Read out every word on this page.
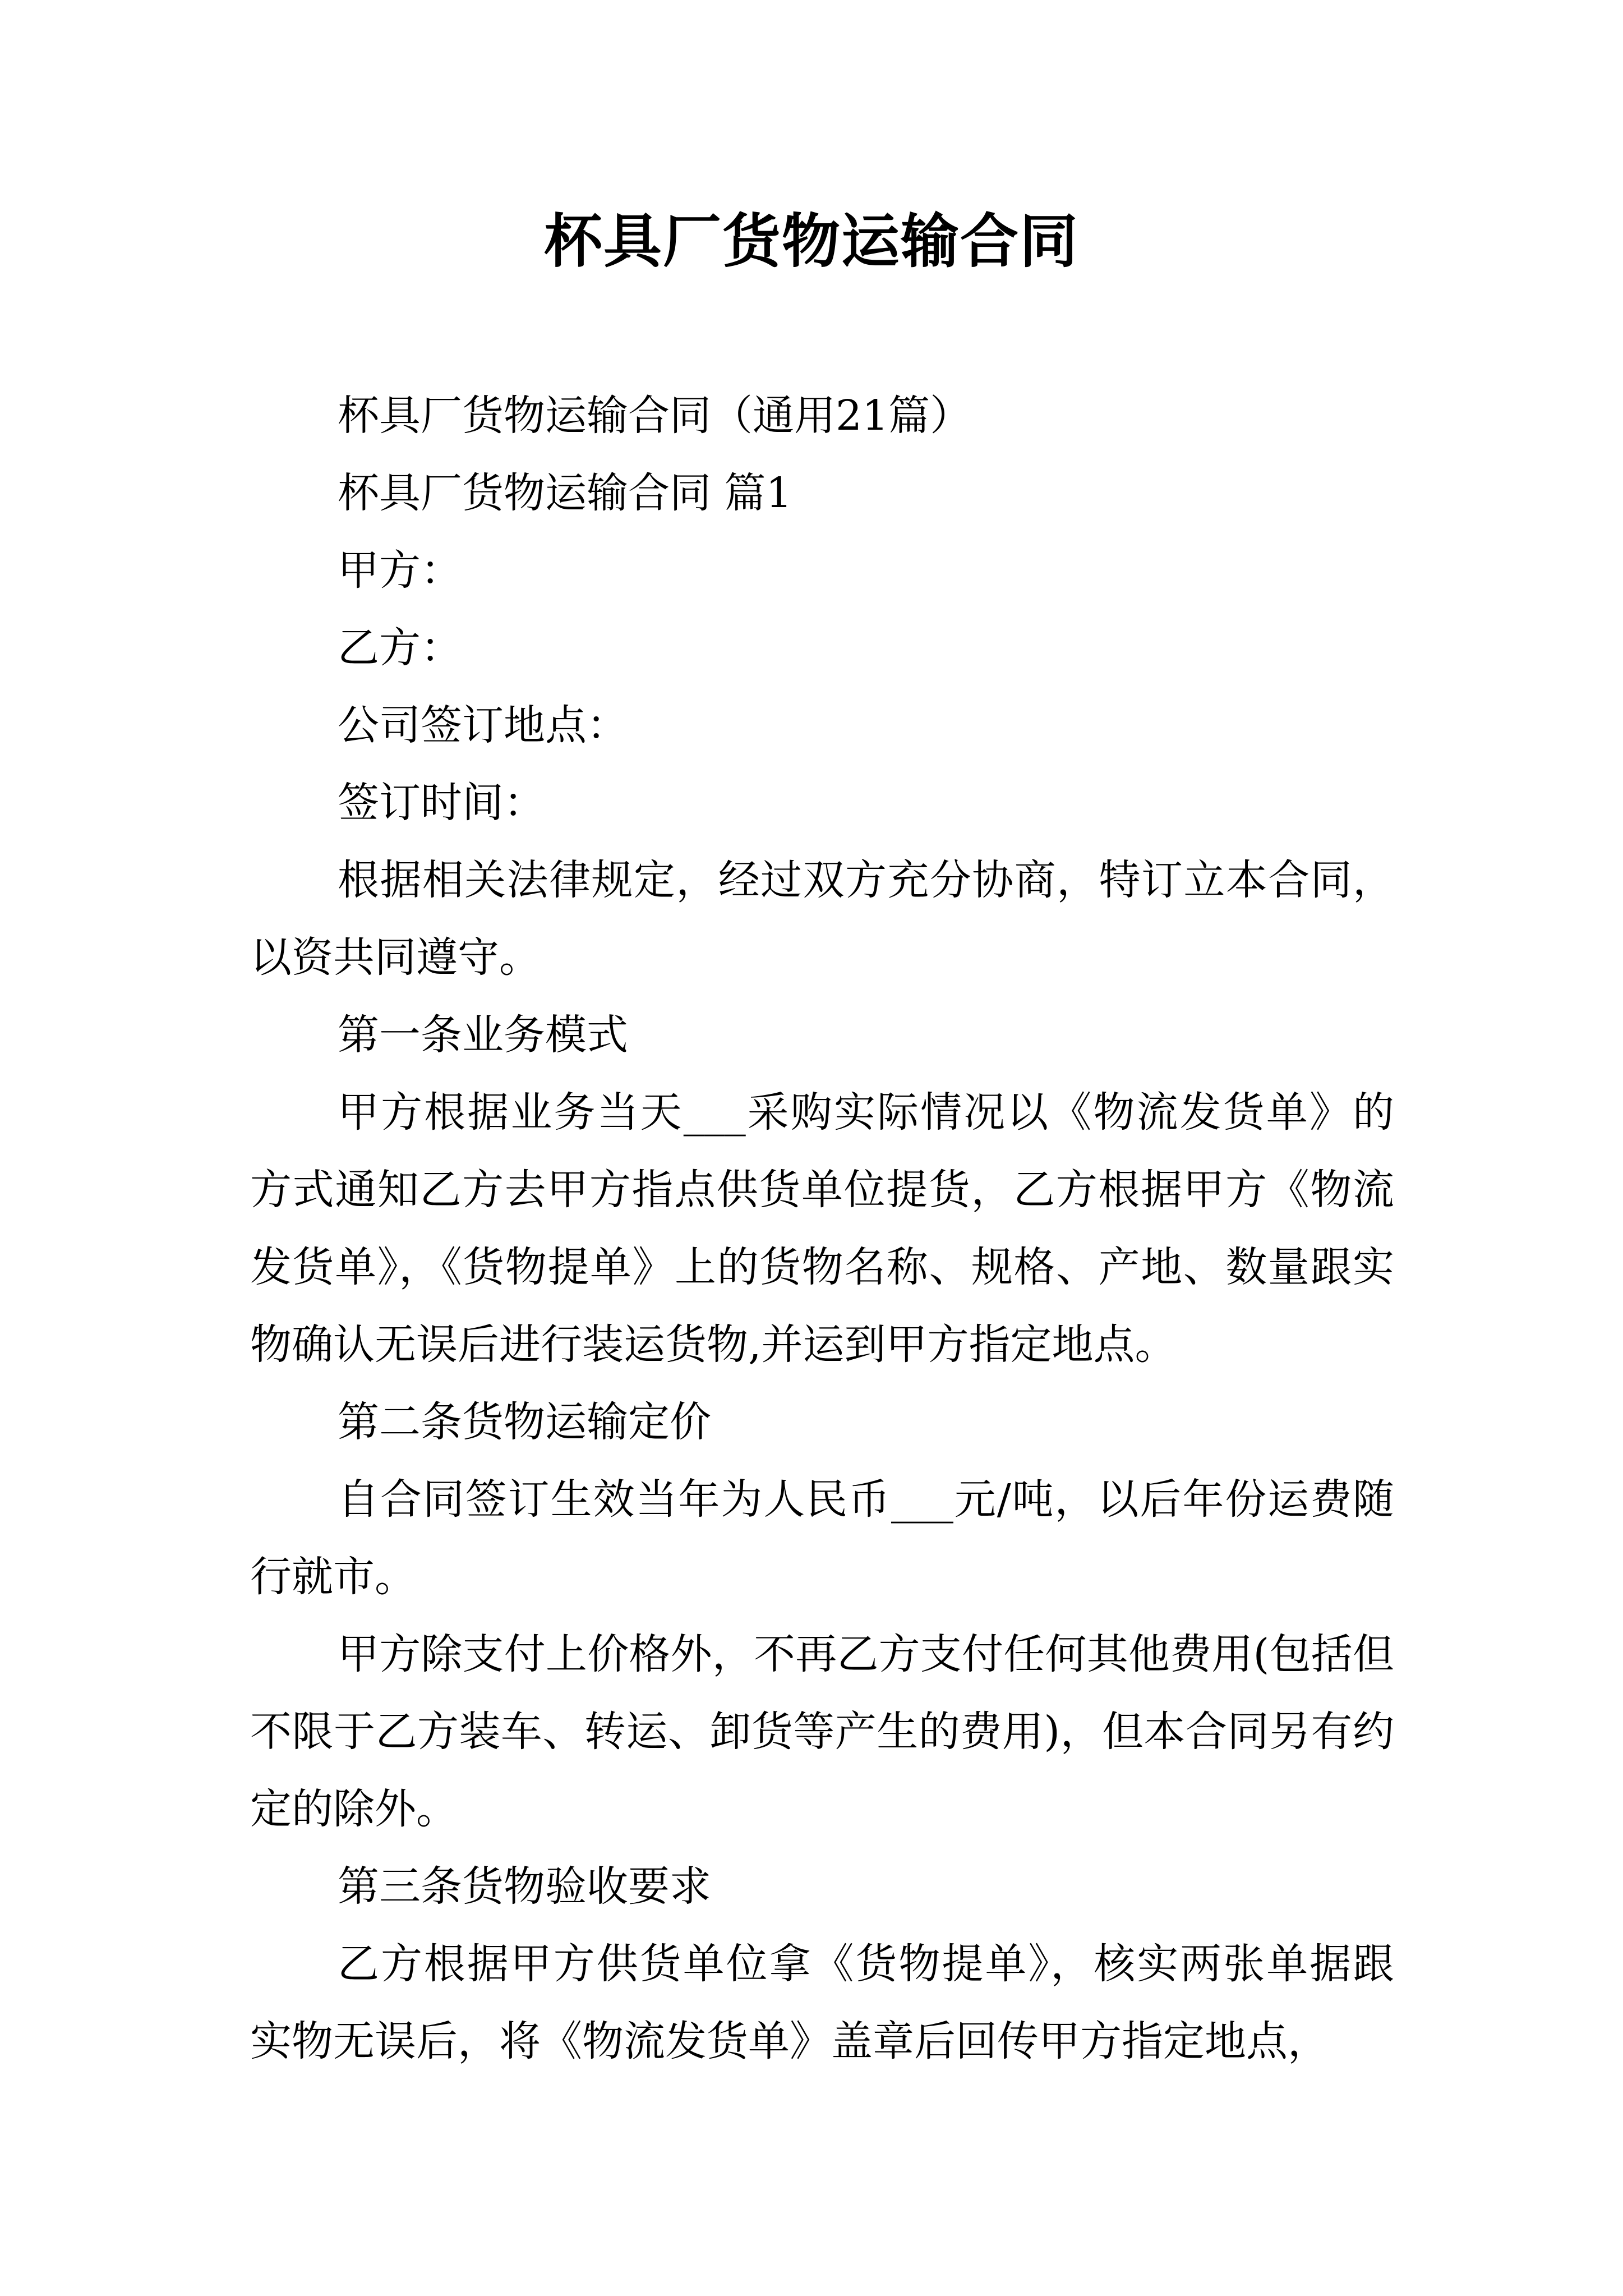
杯具厂货物运输合同

杯具厂货物运输合同（通用21篇）

杯具厂货物运输合同 篇1

甲方：

乙方：

公司签订地点：

签订时间：

根据相关法律规定，经过双方充分协商，特订立本合同，以资共同遵守。

第一条业务模式

甲方根据业务当天___采购实际情况以《物流发货单》的方式通知乙方去甲方指点供货单位提货，乙方根据甲方《物流发货单》，《货物提单》上的货物名称、规格、产地、数量跟实物确认无误后进行装运货物,并运到甲方指定地点。

第二条货物运输定价

自合同签订生效当年为人民币___元/吨，以后年份运费随行就市。

甲方除支付上价格外，不再乙方支付任何其他费用(包括但不限于乙方装车、转运、卸货等产生的费用)，但本合同另有约定的除外。

第三条货物验收要求

乙方根据甲方供货单位拿《货物提单》，核实两张单据跟实物无误后，将《物流发货单》盖章后回传甲方指定地点，
